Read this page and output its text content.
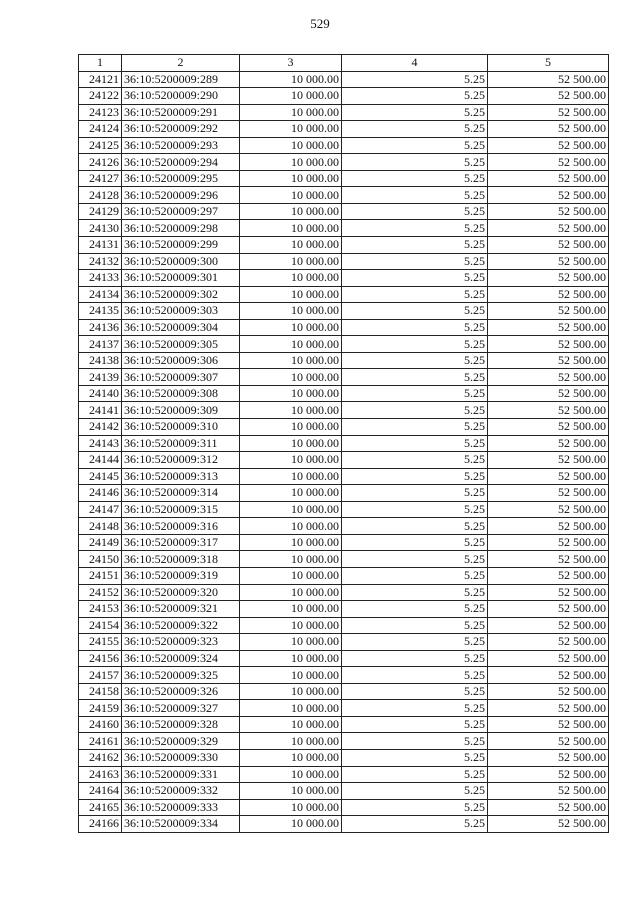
529
1	2	3	4	5
24121	36:10:5200009:289	10 000.00	5.25	52 500.00
24122	36:10:5200009:290	10 000.00	5.25	52 500.00
24123	36:10:5200009:291	10 000.00	5.25	52 500.00
24124	36:10:5200009:292	10 000.00	5.25	52 500.00
24125	36:10:5200009:293	10 000.00	5.25	52 500.00
24126	36:10:5200009:294	10 000.00	5.25	52 500.00
24127	36:10:5200009:295	10 000.00	5.25	52 500.00
24128	36:10:5200009:296	10 000.00	5.25	52 500.00
24129	36:10:5200009:297	10 000.00	5.25	52 500.00
24130	36:10:5200009:298	10 000.00	5.25	52 500.00
24131	36:10:5200009:299	10 000.00	5.25	52 500.00
24132	36:10:5200009:300	10 000.00	5.25	52 500.00
24133	36:10:5200009:301	10 000.00	5.25	52 500.00
24134	36:10:5200009:302	10 000.00	5.25	52 500.00
24135	36:10:5200009:303	10 000.00	5.25	52 500.00
24136	36:10:5200009:304	10 000.00	5.25	52 500.00
24137	36:10:5200009:305	10 000.00	5.25	52 500.00
24138	36:10:5200009:306	10 000.00	5.25	52 500.00
24139	36:10:5200009:307	10 000.00	5.25	52 500.00
24140	36:10:5200009:308	10 000.00	5.25	52 500.00
24141	36:10:5200009:309	10 000.00	5.25	52 500.00
24142	36:10:5200009:310	10 000.00	5.25	52 500.00
24143	36:10:5200009:311	10 000.00	5.25	52 500.00
24144	36:10:5200009:312	10 000.00	5.25	52 500.00
24145	36:10:5200009:313	10 000.00	5.25	52 500.00
24146	36:10:5200009:314	10 000.00	5.25	52 500.00
24147	36:10:5200009:315	10 000.00	5.25	52 500.00
24148	36:10:5200009:316	10 000.00	5.25	52 500.00
24149	36:10:5200009:317	10 000.00	5.25	52 500.00
24150	36:10:5200009:318	10 000.00	5.25	52 500.00
24151	36:10:5200009:319	10 000.00	5.25	52 500.00
24152	36:10:5200009:320	10 000.00	5.25	52 500.00
24153	36:10:5200009:321	10 000.00	5.25	52 500.00
24154	36:10:5200009:322	10 000.00	5.25	52 500.00
24155	36:10:5200009:323	10 000.00	5.25	52 500.00
24156	36:10:5200009:324	10 000.00	5.25	52 500.00
24157	36:10:5200009:325	10 000.00	5.25	52 500.00
24158	36:10:5200009:326	10 000.00	5.25	52 500.00
24159	36:10:5200009:327	10 000.00	5.25	52 500.00
24160	36:10:5200009:328	10 000.00	5.25	52 500.00
24161	36:10:5200009:329	10 000.00	5.25	52 500.00
24162	36:10:5200009:330	10 000.00	5.25	52 500.00
24163	36:10:5200009:331	10 000.00	5.25	52 500.00
24164	36:10:5200009:332	10 000.00	5.25	52 500.00
24165	36:10:5200009:333	10 000.00	5.25	52 500.00
24166	36:10:5200009:334	10 000.00	5.25	52 500.00
